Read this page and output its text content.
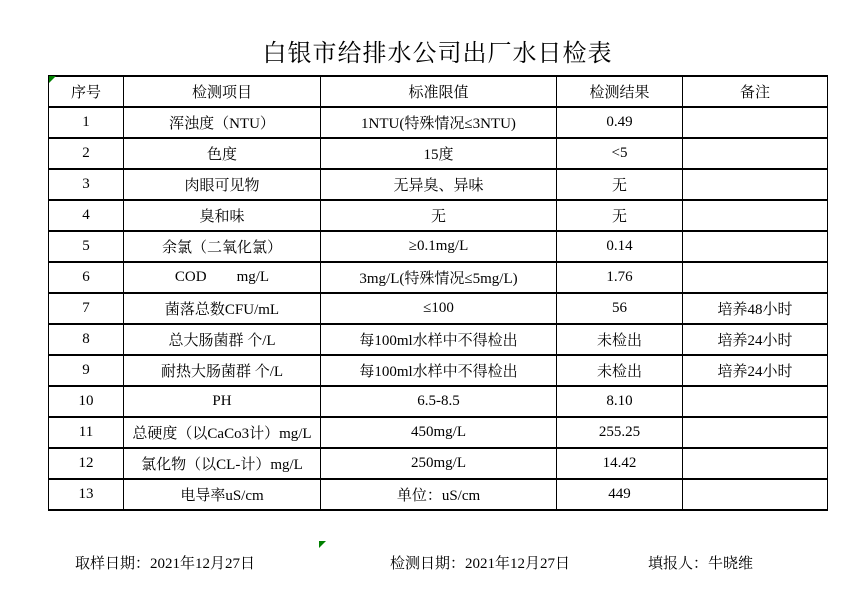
白银市给排水公司出厂水日检表
序号	检测项目	标准限值	检测结果	备注
1	浑浊度（NTU）	1NTU(特殊情况≤3NTU)	0.49	
2	色度	15度	<5	
3	肉眼可见物	无异臭、异味	无	
4	臭和味	无	无	
5	余氯（二氧化氯）	≥0.1mg/L	0.14	
6	COD        mg/L	3mg/L(特殊情况≤5mg/L)	1.76	
7	菌落总数CFU/mL	≤100	56	培养48小时
8	总大肠菌群 个/L	每100ml水样中不得检出	未检出	培养24小时
9	耐热大肠菌群 个/L	每100ml水样中不得检出	未检出	培养24小时
10	PH	6.5-8.5	8.10	
11	总硬度（以CaCo3计）mg/L	450mg/L	255.25	
12	氯化物（以CL-计）mg/L	250mg/L	14.42	
13	电导率uS/cm	单位：uS/cm	449	
取样日期：2021年12月27日	检测日期：2021年12月27日	填报人：牛晓维
